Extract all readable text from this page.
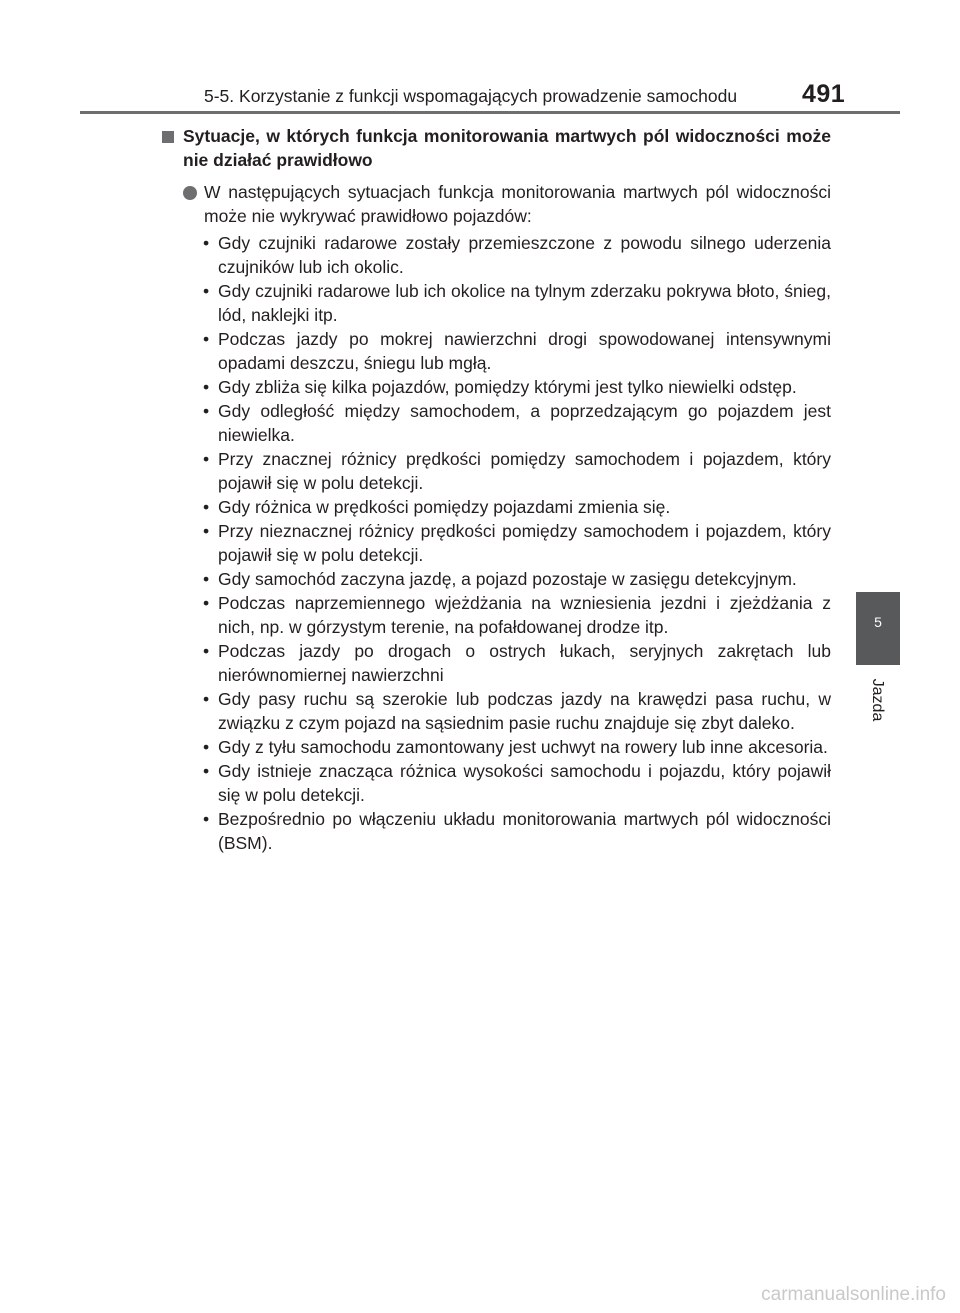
5-5. Korzystanie z funkcji wspomagających prowadzenie samochodu	491
Sytuacje, w których funkcja monitorowania martwych pól widoczności może nie działać prawidłowo
W następujących sytuacjach funkcja monitorowania martwych pól widoczności może nie wykrywać prawidłowo pojazdów:
• Gdy czujniki radarowe zostały przemieszczone z powodu silnego uderzenia czujników lub ich okolic.
• Gdy czujniki radarowe lub ich okolice na tylnym zderzaku pokrywa błoto, śnieg, lód, naklejki itp.
• Podczas jazdy po mokrej nawierzchni drogi spowodowanej intensywnymi opadami deszczu, śniegu lub mgłą.
• Gdy zbliża się kilka pojazdów, pomiędzy którymi jest tylko niewielki odstęp.
• Gdy odległość między samochodem, a poprzedzającym go pojazdem jest niewielka.
• Przy znacznej różnicy prędkości pomiędzy samochodem i pojazdem, który pojawił się w polu detekcji.
• Gdy różnica w prędkości pomiędzy pojazdami zmienia się.
• Przy nieznacznej różnicy prędkości pomiędzy samochodem i pojazdem, który pojawił się w polu detekcji.
• Gdy samochód zaczyna jazdę, a pojazd pozostaje w zasięgu detekcyjnym.
• Podczas naprzemiennego wjeżdżania na wzniesienia jezdni i zjeżdżania z nich, np. w górzystym terenie, na pofałdowanej drodze itp.
• Podczas jazdy po drogach o ostrych łukach, seryjnych zakrętach lub nierównomiernej nawierzchni
• Gdy pasy ruchu są szerokie lub podczas jazdy na krawędzi pasa ruchu, w związku z czym pojazd na sąsiednim pasie ruchu znajduje się zbyt daleko.
• Gdy z tyłu samochodu zamontowany jest uchwyt na rowery lub inne akcesoria.
• Gdy istnieje znacząca różnica wysokości samochodu i pojazdu, który pojawił się w polu detekcji.
• Bezpośrednio po włączeniu układu monitorowania martwych pól widoczności (BSM).
5
Jazda
carmanualsonline.info
